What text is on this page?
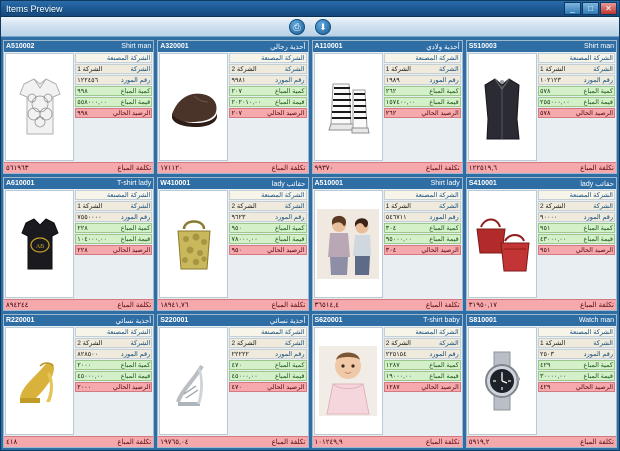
Items Preview	_	□	✕
⎙	⬇
A510002	Shirt man
الشركة المصنعة
الشركة
الشركة 1
رقم المورد
١٢٢٤٥٦
كمية المباع
٩٩٨
قيمة المباع
٥٥٨٠٠٠,٠٠
الرصيد الحالي
٩٩٨
تكلفة المباع
٥٦١٩٦٣
A320001	أحذية رجالي
الشركة المصنعة
الشركة
الشركة 2
رقم المورد
٩٩٨١
كمية المباع
٢٠٧
قيمة المباع
٢٠٢٠١٠,٠٠
الرصيد الحالي
٢٠٧
تكلفة المباع
١٧١١٢٠
A110001	أحذية ولادي
الشركة المصنعة
الشركة
الشركة 1
رقم المورد
١٩٨٩
كمية المباع
٢٦٢
قيمة المباع
١٥٧٤٠٠,٠٠
الرصيد الحالي
٢٦٢
تكلفة المباع
٩٩٣٧٠
S510003	Shirt man
الشركة المصنعة
الشركة
الشركة 1
رقم المورد
١٠٢١٢٣
كمية المباع
٥٧٨
قيمة المباع
٢٥٥٠٠٠,٠٠
الرصيد الحالي
٥٧٨
تكلفة المباع
١٢٢٥١٩,٦
A610001	T-shirt lady
AB
الشركة المصنعة
الشركة
الشركة 1
رقم المورد
٧٥٥٠٠٠٠
كمية المباع
٢٢٨
قيمة المباع
١٠٤٠٠٠,٠٠
الرصيد الحالي
٢٢٨
تكلفة المباع
٨٩٤٢٤٤
W410001	حقائب lady
الشركة المصنعة
الشركة
الشركة 2
رقم المورد
٩٦٢٣
كمية المباع
٩٥٠
قيمة المباع
٧٨٠٠٠,٠٠
الرصيد الحالي
٩٥٠
تكلفة المباع
١٨٩٤١,٧٦
A510001	Shirt lady
الشركة المصنعة
الشركة
الشركة 1
رقم المورد
٥٤٦٧١١
كمية المباع
٣٠٤
قيمة المباع
٩٥٠٠٠,٠٠
الرصيد الحالي
٣٠٤
تكلفة المباع
٣٦٥١٤,٤
S410001	حقائب lady
الشركة المصنعة
الشركة
الشركة 2
رقم المورد
٩٠٠٠٠
كمية المباع
٩٥١
قيمة المباع
٤٣٠٠٠,٠٠
الرصيد الحالي
٩٥١
تكلفة المباع
٣١٩٥٠,١٧
R220001	أحذية نسائي
الشركة المصنعة
الشركة
الشركة 2
رقم المورد
٨٢٨٥٠٠
كمية المباع
٢٠٠٠
قيمة المباع
٤٥٠٠٠,٠٠
الرصيد الحالي
٢٠٠٠
تكلفة المباع
٤١٨
S220001	أحذية نسائي
الشركة المصنعة
الشركة
الشركة 2
رقم المورد
٢٢٢٢٢
كمية المباع
٤٧٠
قيمة المباع
٤٥٠٠٠,٠٠
الرصيد الحالي
٤٧٠
تكلفة المباع
١٩٧٦٥,٠٤
S620001	T-shirt baby
الشركة المصنعة
الشركة
الشركة 2
رقم المورد
٢٢٥١٥٤
كمية المباع
١٢٨٧
قيمة المباع
١٩٠٠٠,٠٠
الرصيد الحالي
١٢٨٧
تكلفة المباع
١٠١٢٤٩,٩
S810001	Watch man
الشركة المصنعة
الشركة
الشركة 1
رقم المورد
٢٥٠٣
كمية المباع
٤٢٩
قيمة المباع
٣٠٠٠٠,٠٠
الرصيد الحالي
٤٢٩
تكلفة المباع
٥٩١٩,٢
